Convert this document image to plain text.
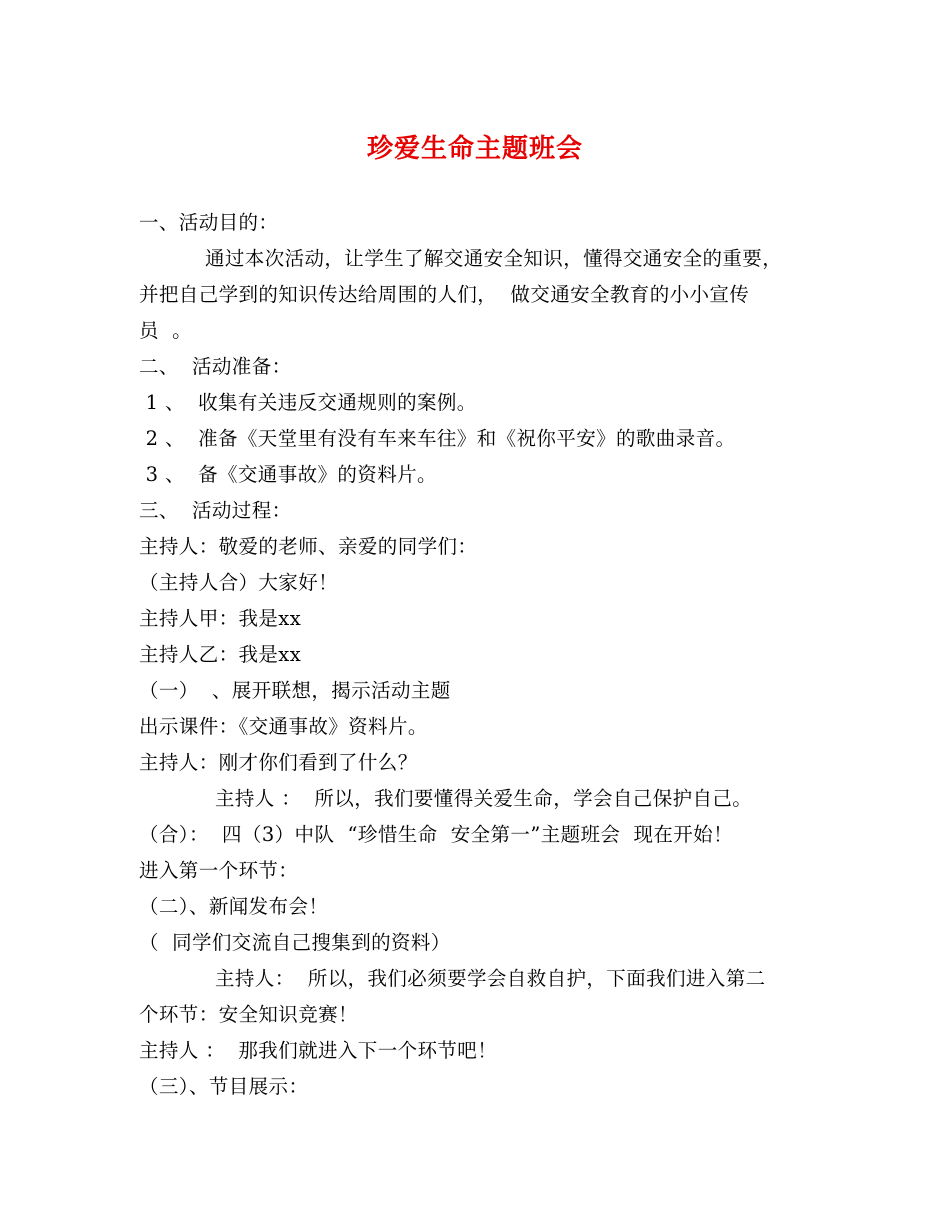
珍爱生命主题班会
一、活动目的：
通过本次活动，让学生了解交通安全知识，懂得交通安全的重要，
并把自己学到的知识传达给周围的人们，  做交通安全教育的小小宣传
员  。
二、  活动准备：
1 、  收集有关违反交通规则的案例。
2 、  准备《天堂里有没有车来车往》和《祝你平安》的歌曲录音。
3 、  备《交通事故》的资料片。
三、  活动过程：
主持人：敬爱的老师、亲爱的同学们：
（主持人合）大家好！
主持人甲：我是xx
主持人乙：我是xx
（一）  、展开联想，揭示活动主题
出示课件：《交通事故》资料片。
主持人：刚才你们看到了什么？
主持人 ：  所以，我们要懂得关爱生命，学会自己保护自己。
（合）：  四（3）中队  “珍惜生命  安全第一”主题班会  现在开始！
进入第一个环节：
（二）、新闻发布会！
（  同学们交流自己搜集到的资料）
主持人：  所以，我们必须要学会自救自护，下面我们进入第二
个环节：安全知识竞赛！
主持人 ：  那我们就进入下一个环节吧！
（三）、节目展示：
